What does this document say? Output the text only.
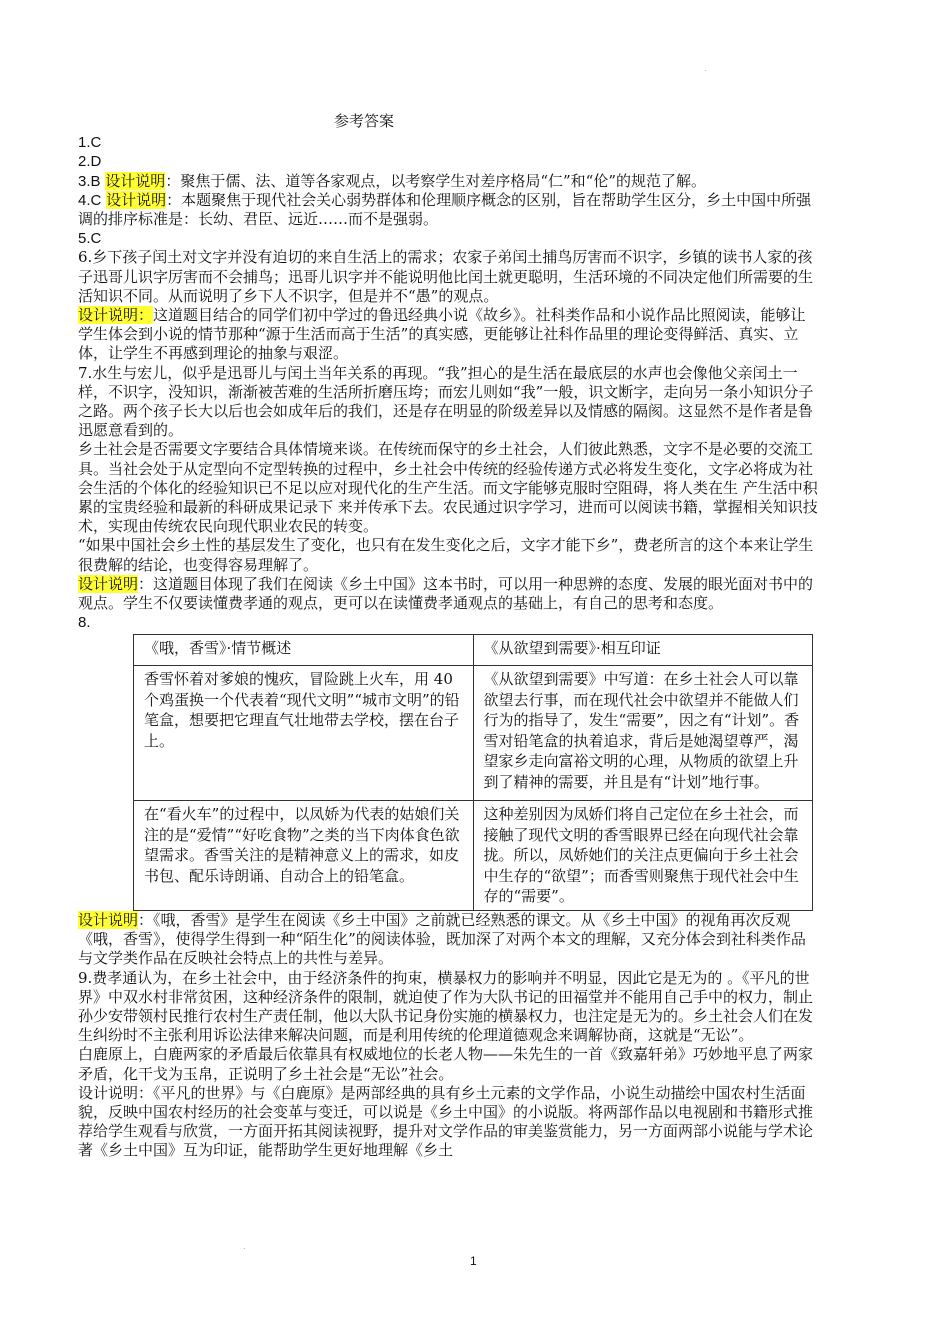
.

参考答案

1.C

2.D

3.B 设计说明：聚焦于儒、法、道等各家观点，以考察学生对差序格局“仁”和“伦”的规范了解。

4.C 设计说明：本题聚焦于现代社会关心弱势群体和伦理顺序概念的区别，旨在帮助学生区分，乡土中国中所强调的排序标准是：长幼、君臣、远近……而不是强弱。

5.C

6.乡下孩子闰土对文字并没有迫切的来自生活上的需求；农家子弟闰土捕鸟厉害而不识字，乡镇的读书人家的孩子迅哥儿识字厉害而不会捕鸟；迅哥儿识字并不能说明他比闰土就更聪明，生活环境的不同决定他们所需要的生活知识不同。从而说明了乡下人不识字，但是并不“愚”的观点。

设计说明：这道题目结合的同学们初中学过的鲁迅经典小说《故乡》。社科类作品和小说作品比照阅读，能够让学生体会到小说的情节那种“源于生活而高于生活”的真实感，更能够让社科作品里的理论变得鲜活、真实、立体，让学生不再感到理论的抽象与艰涩。

7.水生与宏儿，似乎是迅哥儿与闰土当年关系的再现。“我”担心的是生活在最底层的水声也会像他父亲闰土一样，不识字，没知识，渐渐被苦难的生活所折磨压垮；而宏儿则如“我”一般，识文断字，走向另一条小知识分子之路。两个孩子长大以后也会如成年后的我们，还是存在明显的阶级差异以及情感的隔阂。这显然不是作者是鲁迅愿意看到的。

乡土社会是否需要文字要结合具体情境来谈。在传统而保守的乡土社会，人们彼此熟悉，文字不是必要的交流工具。当社会处于从定型向不定型转换的过程中，乡土社会中传统的经验传递方式必将发生变化，文字必将成为社会生活的个体化的经验知识已不足以应对现代化的生产生活。而文字能够克服时空阻碍，将人类在生 产生活中积累的宝贵经验和最新的科研成果记录下 来并传承下去。农民通过识字学习，进而可以阅读书籍，掌握相关知识技术，实现由传统农民向现代职业农民的转变。

“如果中国社会乡土性的基层发生了变化，也只有在发生变化之后，文字才能下乡”，费老所言的这个本来让学生很费解的结论，也变得容易理解了。

设计说明：这道题目体现了我们在阅读《乡土中国》这本书时，可以用一种思辨的态度、发展的眼光面对书中的观点。学生不仅要读懂费孝通的观点，更可以在读懂费孝通观点的基础上，有自己的思考和态度。

8.

《哦，香雪》·情节概述	《从欲望到需要》·相互印证
香雪怀着对爹娘的愧疚，冒险跳上火车，用 40 个鸡蛋换一个代表着“现代文明”“城市文明”的铅笔盒，想要把它理直气壮地带去学校，摆在台子上。	《从欲望到需要》中写道：在乡土社会人可以靠欲望去行事，而在现代社会中欲望并不能做人们行为的指导了，发生“需要”，因之有“计划”。香雪对铅笔盒的执着追求，背后是她渴望尊严，渴望家乡走向富裕文明的心理，从物质的欲望上升到了精神的需要，并且是有“计划”地行事。
在“看火车”的过程中，以凤娇为代表的姑娘们关注的是“爱情”“好吃食物”之类的当下肉体食色欲望需求。香雪关注的是精神意义上的需求，如皮书包、配乐诗朗诵、自动合上的铅笔盒。	这种差别因为凤娇们将自己定位在乡土社会，而接触了现代文明的香雪眼界已经在向现代社会靠拢。所以，凤娇她们的关注点更偏向于乡土社会中生存的“欲望”；而香雪则聚焦于现代社会中生存的“需要”。

设计说明：《哦，香雪》是学生在阅读《乡土中国》之前就已经熟悉的课文。从《乡土中国》的视角再次反观《哦，香雪》，使得学生得到一种“陌生化”的阅读体验，既加深了对两个本文的理解，又充分体会到社科类作品与文学类作品在反映社会特点上的共性与差异。

9.费孝通认为，在乡土社会中，由于经济条件的拘束，横暴权力的影响并不明显，因此它是无为的 。《平凡的世界》中双水村非常贫困，这种经济条件的限制，就迫使了作为大队书记的田福堂并不能用自己手中的权力，制止孙少安带领村民推行农村生产责任制，他以大队书记身份实施的横暴权力，也注定是无为的。乡土社会人们在发生纠纷时不主张利用诉讼法律来解决问题，而是利用传统的伦理道德观念来调解协商，这就是“无讼”。

白鹿原上，白鹿两家的矛盾最后依靠具有权威地位的长老人物——朱先生的一首《致嘉轩弟》巧妙地平息了两家矛盾，化干戈为玉帛，正说明了乡土社会是“无讼”社会。

设计说明：《平凡的世界》与《白鹿原》是两部经典的具有乡土元素的文学作品，小说生动描绘中国农村生活面貌，反映中国农村经历的社会变革与变迁，可以说是《乡土中国》的小说版。将两部作品以电视剧和书籍形式推荐给学生观看与欣赏，一方面开拓其阅读视野，提升对文学作品的审美鉴赏能力，另一方面两部小说能与学术论著《乡土中国》互为印证，能帮助学生更好地理解《乡土

.
1
